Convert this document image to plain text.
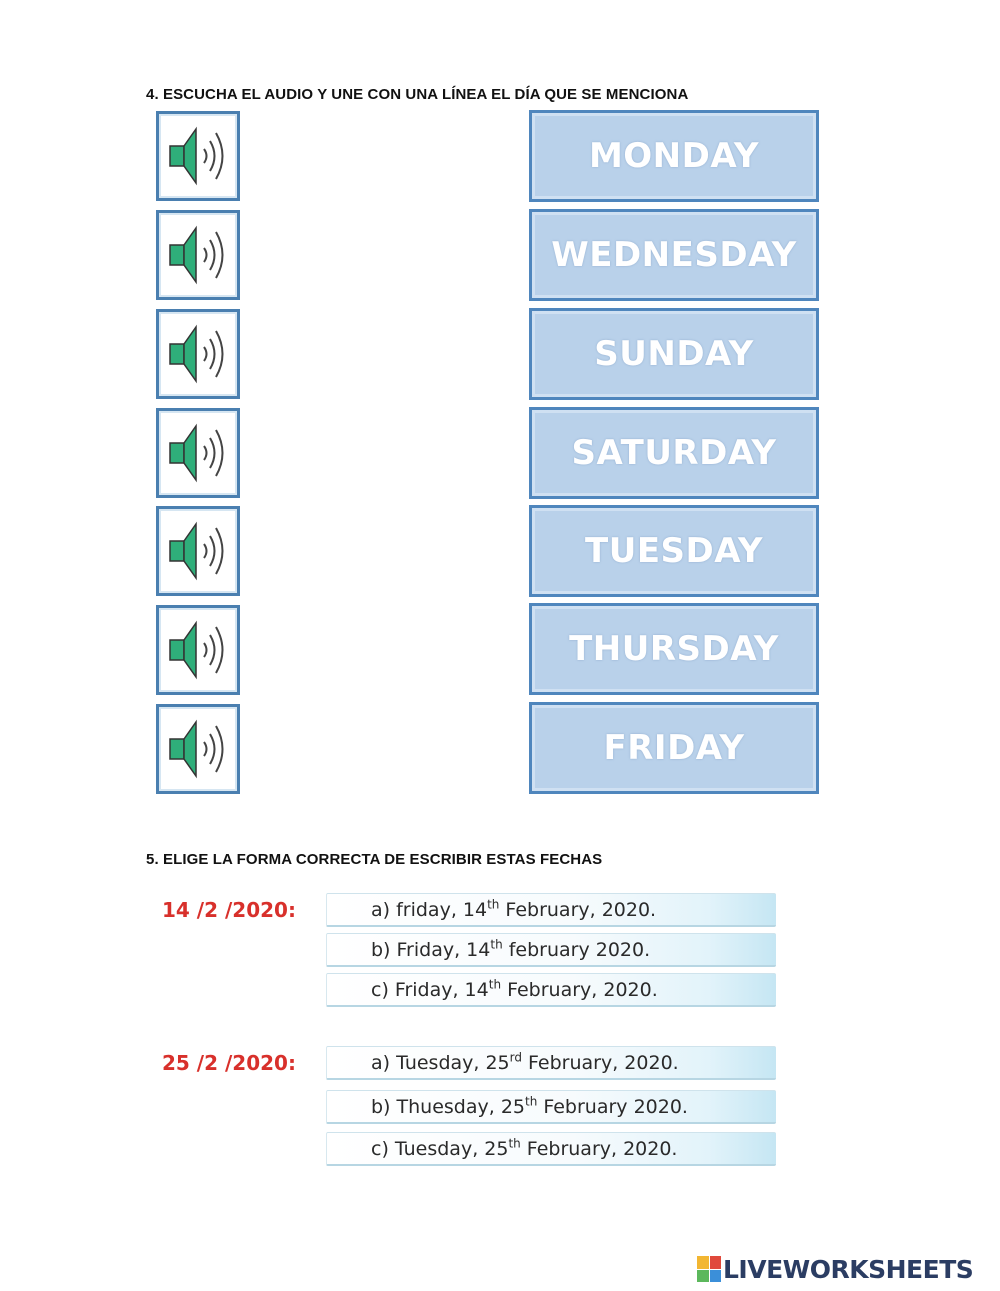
4. ESCUCHA EL AUDIO Y UNE CON UNA LÍNEA EL DÍA QUE SE MENCIONA
MONDAY
WEDNESDAY
SUNDAY
SATURDAY
TUESDAY
THURSDAY
FRIDAY
5. ELIGE LA FORMA CORRECTA DE ESCRIBIR ESTAS FECHAS
14 /2 /2020:	a) friday, 14th February, 2020.
b) Friday, 14th february 2020.
c) Friday, 14th February, 2020.
25 /2 /2020:	a) Tuesday, 25rd February, 2020.
b) Thuesday, 25th February 2020.
c) Tuesday, 25th February, 2020.
LIVEWORKSHEETS
